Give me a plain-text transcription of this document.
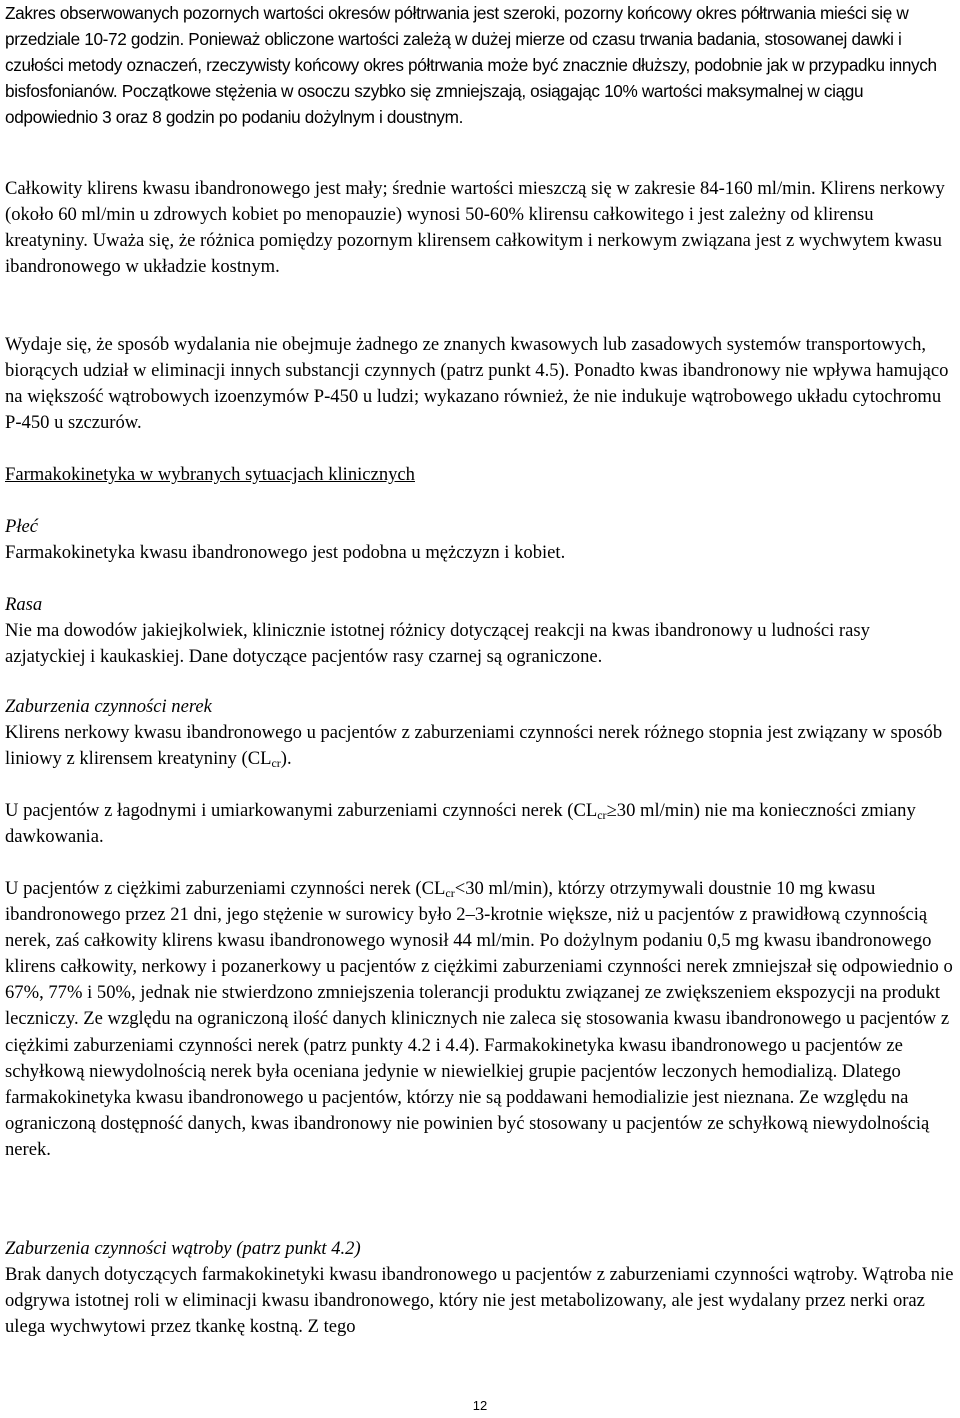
Zakres obserwowanych pozornych wartości okresów półtrwania jest szeroki, pozorny końcowy okres półtrwania mieści się w przedziale 10-72 godzin. Ponieważ obliczone wartości zależą w dużej mierze od czasu trwania badania, stosowanej dawki i czułości metody oznaczeń, rzeczywisty końcowy okres półtrwania może być znacznie dłuższy, podobnie jak w przypadku innych bisfosfonianów. Początkowe stężenia w osoczu szybko się zmniejszają, osiągając 10% wartości maksymalnej w ciągu odpowiednio 3 oraz 8 godzin po podaniu dożylnym i doustnym.

Całkowity klirens kwasu ibandronowego jest mały; średnie wartości mieszczą się w zakresie 84-160 ml/min. Klirens nerkowy (około 60 ml/min u zdrowych kobiet po menopauzie) wynosi 50-60% klirensu całkowitego i jest zależny od klirensu kreatyniny. Uważa się, że różnica pomiędzy pozornym klirensem całkowitym i nerkowym związana jest z wychwytem kwasu ibandronowego w układzie kostnym.

Wydaje się, że sposób wydalania nie obejmuje żadnego ze znanych kwasowych lub zasadowych systemów transportowych, biorących udział w eliminacji innych substancji czynnych (patrz punkt 4.5). Ponadto kwas ibandronowy nie wpływa hamująco na większość wątrobowych izoenzymów P-450 u ludzi; wykazano również, że nie indukuje wątrobowego układu cytochromu P-450 u szczurów.

Farmakokinetyka w wybranych sytuacjach klinicznych

Płeć

Farmakokinetyka kwasu ibandronowego jest podobna u mężczyzn i kobiet.

Rasa

Nie ma dowodów jakiejkolwiek, klinicznie istotnej różnicy dotyczącej reakcji na kwas ibandronowy u ludności rasy azjatyckiej i kaukaskiej. Dane dotyczące pacjentów rasy czarnej są ograniczone.

Zaburzenia czynności nerek

Klirens nerkowy kwasu ibandronowego u pacjentów z zaburzeniami czynności nerek różnego stopnia jest związany w sposób liniowy z klirensem kreatyniny $(CL_{cr})$.

U pacjentów z łagodnymi i umiarkowanymi zaburzeniami czynności nerek ($CL_{cr}\ge 30$ ml/min) nie ma konieczności zmiany dawkowania.

U pacjentów z ciężkimi zaburzeniami czynności nerek ($CL_{cr}<30$ ml/min), którzy otrzymywali doustnie 10 mg kwasu ibandronowego przez 21 dni, jego stężenie w surowicy było 2–3-krotnie większe, niż u pacjentów z prawidłową czynnością nerek, zaś całkowity klirens kwasu ibandronowego wynosił 44 ml/min. Po dożylnym podaniu 0,5 mg kwasu ibandronowego klirens całkowity, nerkowy i pozanerkowy u pacjentów z ciężkimi zaburzeniami czynności nerek zmniejszał się odpowiednio o 67%, 77% i 50%, jednak nie stwierdzono zmniejszenia tolerancji produktu związanej ze zwiększeniem ekspozycji na produkt leczniczy. Ze względu na ograniczoną ilość danych klinicznych nie zaleca się stosowania kwasu ibandronowego u pacjentów z ciężkimi zaburzeniami czynności nerek (patrz punkty 4.2 i 4.4). Farmakokinetyka kwasu ibandronowego u pacjentów ze schyłkową niewydolnością nerek była oceniana jedynie w niewielkiej grupie pacjentów leczonych hemodializą. Dlatego farmakokinetyka kwasu ibandronowego u pacjentów, którzy nie są poddawani hemodializie jest nieznana. Ze względu na ograniczoną dostępność danych, kwas ibandronowy nie powinien być stosowany u pacjentów ze schyłkową niewydolnością nerek.

Zaburzenia czynności wątroby (patrz punkt 4.2)

Brak danych dotyczących farmakokinetyki kwasu ibandronowego u pacjentów z zaburzeniami czynności wątroby. Wątroba nie odgrywa istotnej roli w eliminacji kwasu ibandronowego, który nie jest metabolizowany, ale jest wydalany przez nerki oraz ulega wychwytowi przez tkankę kostną. Z tego

12
